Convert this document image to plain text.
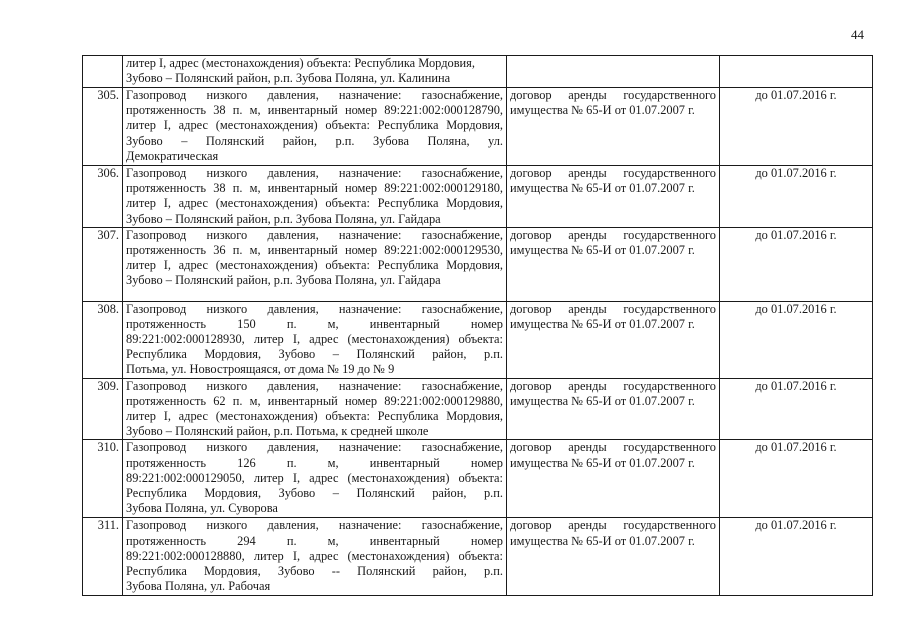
44

	литер I, адрес (местонахождения) объекта: Республика Мордовия,
Зубово – Полянский район, р.п. Зубова Поляна, ул. Калинина		

305.	Газопровод низкого давления, назначение: газоснабжение,
протяженность 38 п. м, инвентарный номер 89:221:002:000128790,
литер I, адрес (местонахождения) объекта: Республика Мордовия,
Зубово – Полянский район, р.п. Зубова Поляна, ул.
Демократическая	договор аренды государственного
имущества № 65-И от 01.07.2007 г.	до 01.07.2016 г.
306.	Газопровод низкого давления, назначение: газоснабжение,
протяженность 38 п. м, инвентарный номер 89:221:002:000129180,
литер I, адрес (местонахождения) объекта: Республика Мордовия,
Зубово – Полянский район, р.п. Зубова Поляна, ул. Гайдара	договор аренды государственного
имущества № 65-И от 01.07.2007 г.	до 01.07.2016 г.
307.	Газопровод низкого давления, назначение: газоснабжение,
протяженность 36 п. м, инвентарный номер 89:221:002:000129530,
литер I, адрес (местонахождения) объекта: Республика Мордовия,
Зубово – Полянский район, р.п. Зубова Поляна, ул. Гайдара	договор аренды государственного
имущества № 65-И от 01.07.2007 г.	до 01.07.2016 г.
308.	Газопровод низкого давления, назначение: газоснабжение,
протяженность 150 п. м, инвентарный номер
89:221:002:000128930, литер I, адрес (местонахождения) объекта:
Республика Мордовия, Зубово – Полянский район, р.п.
Потьма, ул. Новостроящаяся, от дома № 19 до № 9	договор аренды государственного
имущества № 65-И от 01.07.2007 г.	до 01.07.2016 г.
309.	Газопровод низкого давления, назначение: газоснабжение,
протяженность 62 п. м, инвентарный номер 89:221:002:000129880,
литер I, адрес (местонахождения) объекта: Республика Мордовия,
Зубово – Полянский район, р.п. Потьма, к средней школе	договор аренды государственного
имущества № 65-И от 01.07.2007 г.	до 01.07.2016 г.
310.	Газопровод низкого давления, назначение: газоснабжение,
протяженность 126 п. м, инвентарный номер
89:221:002:000129050, литер I, адрес (местонахождения) объекта:
Республика Мордовия, Зубово – Полянский район, р.п.
Зубова Поляна, ул. Суворова	договор аренды государственного
имущества № 65-И от 01.07.2007 г.	до 01.07.2016 г.
311.	Газопровод низкого давления, назначение: газоснабжение,
протяженность 294 п. м, инвентарный номер
89:221:002:000128880, литер I, адрес (местонахождения) объекта:
Республика Мордовия, Зубово -- Полянский район, р.п.
Зубова Поляна, ул. Рабочая	договор аренды государственного
имущества № 65-И от 01.07.2007 г.	до 01.07.2016 г.
